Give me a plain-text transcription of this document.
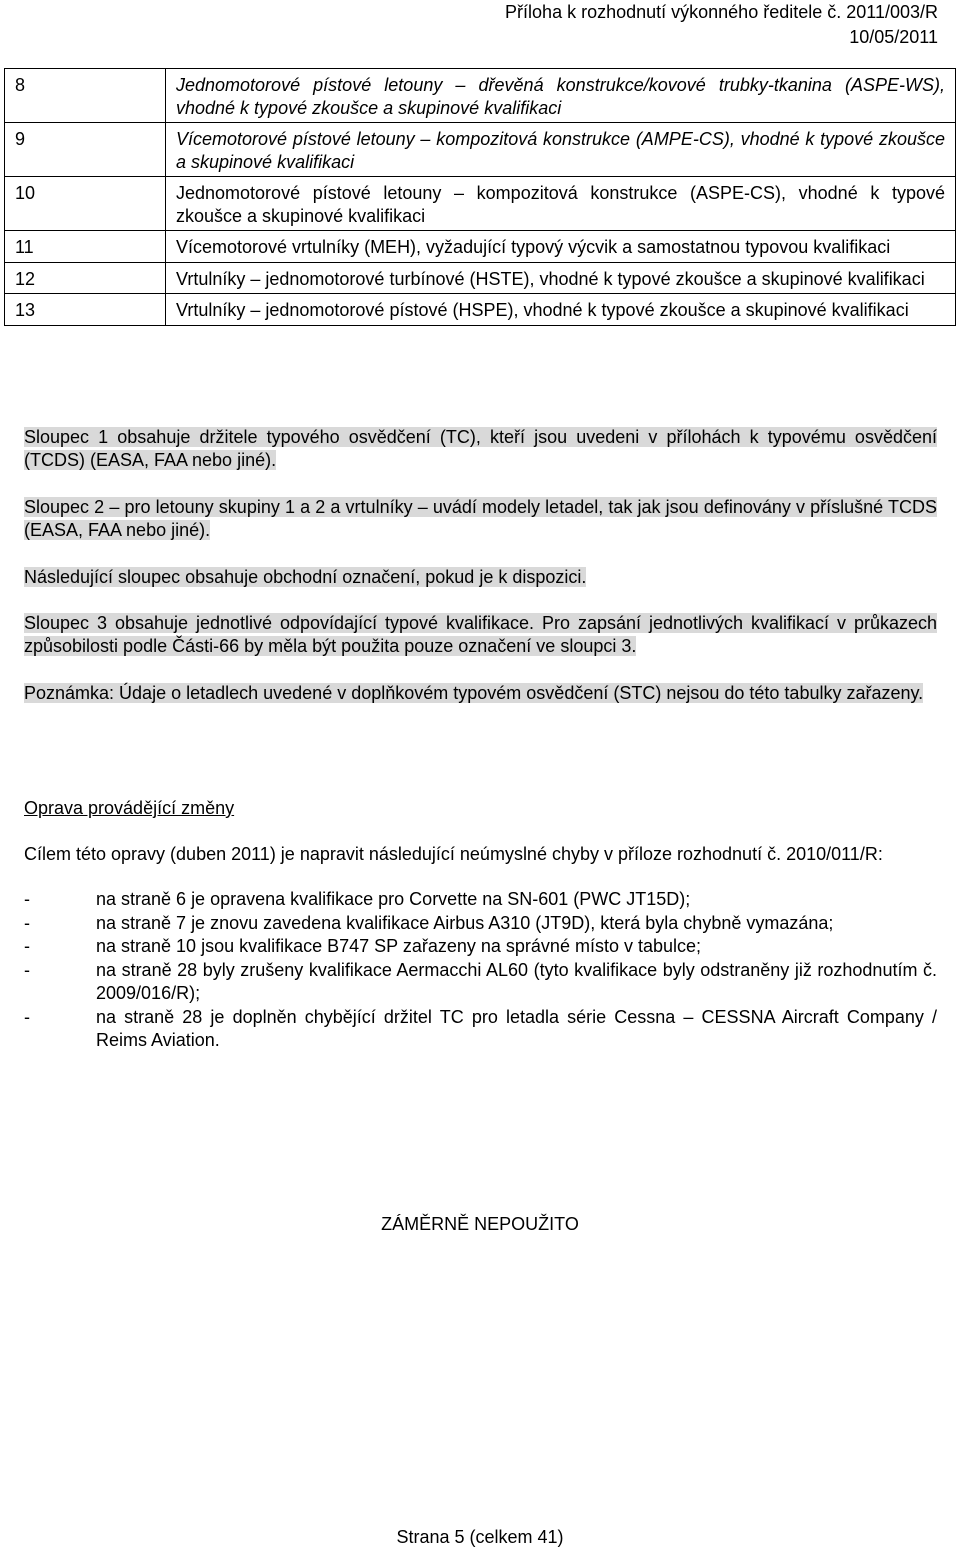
Příloha k rozhodnutí výkonného ředitele č. 2011/003/R
10/05/2011
8	Jednomotorové pístové letouny – dřevěná konstrukce/kovové trubky-tkanina (ASPE-WS), vhodné k typové zkoušce a skupinové kvalifikaci
9	Vícemotorové pístové letouny – kompozitová konstrukce (AMPE-CS), vhodné k typové zkoušce a skupinové kvalifikaci
10	Jednomotorové pístové letouny – kompozitová konstrukce (ASPE-CS), vhodné k typové zkoušce a skupinové kvalifikaci
11	Vícemotorové vrtulníky (MEH), vyžadující typový výcvik a samostatnou typovou kvalifikaci
12	Vrtulníky – jednomotorové turbínové (HSTE), vhodné k typové zkoušce a skupinové kvalifikaci
13	Vrtulníky – jednomotorové pístové (HSPE), vhodné k typové zkoušce a skupinové kvalifikaci

Sloupec 1 obsahuje držitele typového osvědčení (TC), kteří jsou uvedeni v přílohách k typovému osvědčení (TCDS) (EASA, FAA nebo jiné).

Sloupec 2 – pro letouny skupiny 1 a 2 a vrtulníky – uvádí modely letadel, tak jak jsou definovány v příslušné TCDS (EASA, FAA nebo jiné).

Následující sloupec obsahuje obchodní označení, pokud je k dispozici.

Sloupec 3 obsahuje jednotlivé odpovídající typové kvalifikace. Pro zapsání jednotlivých kvalifikací v průkazech způsobilosti podle Části-66 by měla být použita pouze označení ve sloupci 3.

Poznámka: Údaje o letadlech uvedené v doplňkovém typovém osvědčení (STC) nejsou do této tabulky zařazeny.

Oprava provádějící změny

Cílem této opravy (duben 2011) je napravit následující neúmyslné chyby v příloze rozhodnutí č. 2010/011/R:

-	na straně 6 je opravena kvalifikace pro Corvette na SN-601 (PWC JT15D);
-	na straně 7 je znovu zavedena kvalifikace Airbus A310 (JT9D), která byla chybně vymazána;
-	na straně 10 jsou kvalifikace B747 SP zařazeny na správné místo v tabulce;
-	na straně 28 byly zrušeny kvalifikace Aermacchi AL60 (tyto kvalifikace byly odstraněny již rozhodnutím č. 2009/016/R);
-	na straně 28 je doplněn chybějící držitel TC pro letadla série Cessna – CESSNA Aircraft Company / Reims Aviation.
ZÁMĚRNĚ NEPOUŽITO
Strana 5 (celkem 41)
